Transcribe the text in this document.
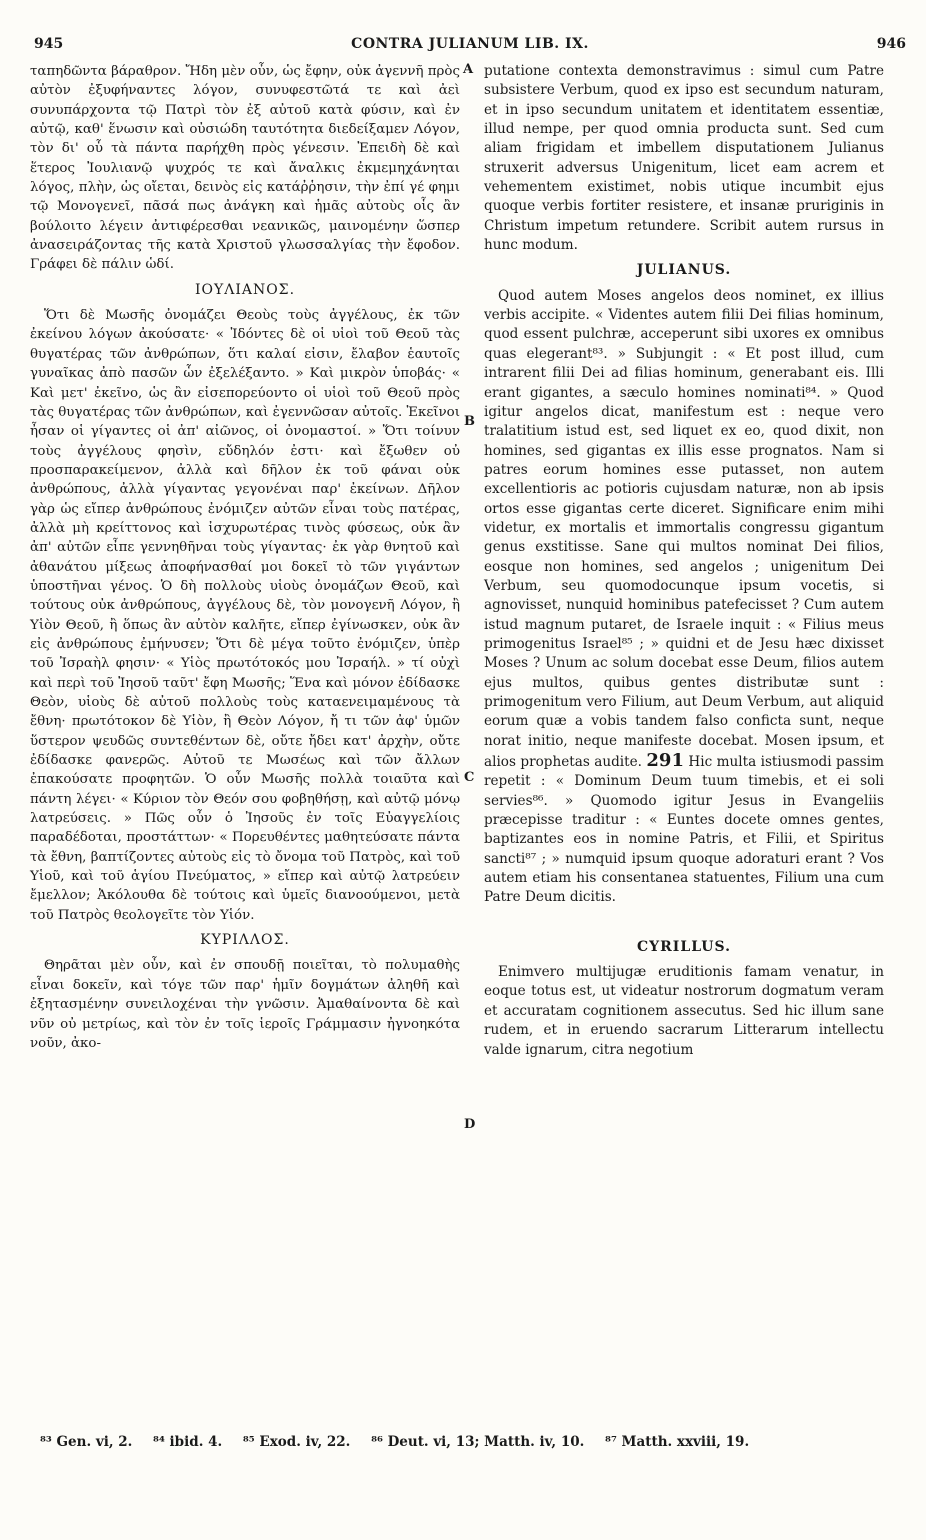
945	CONTRA JULIANUM LIB. IX.	946

ταπηδῶντα βάραθρον. Ἤδη μὲν οὖν, ὡς ἔφην, οὐκ ἀγεννῆ πρὸς αὐτὸν ἐξυφήναντες λόγον, συνυφεστῶτά τε καὶ ἀεὶ συνυπάρχοντα τῷ Πατρὶ τὸν ἐξ αὐτοῦ κατὰ φύσιν, καὶ ἐν αὐτῷ, καθ' ἕνωσιν καὶ οὐσιώδη ταυτότητα διεδείξαμεν Λόγον, τὸν δι' οὗ τὰ πάντα παρήχθη πρὸς γένεσιν. Ἐπειδὴ δὲ καὶ ἕτερος Ἰουλιανῷ ψυχρός τε καὶ ἄναλκις ἐκμεμηχάνηται λόγος, πλὴν, ὡς οἴεται, δεινὸς εἰς κατάῤῥησιν, τὴν ἐπί γέ φημι τῷ Μονογενεῖ, πᾶσά πως ἀνάγκη καὶ ἡμᾶς αὐτοὺς οἷς ἂν βούλοιτο λέγειν ἀντιφέρεσθαι νεανικῶς, μαινομένην ὥσπερ ἀνασειράζοντας τῆς κατὰ Χριστοῦ γλωσσαλγίας τὴν ἔφοδον. Γράφει δὲ πάλιν ὡδί.

ΙΟΥΛΙΑΝΟΣ.

Ὅτι δὲ Μωσῆς ὀνομάζει Θεοὺς τοὺς ἀγγέλους, ἐκ τῶν ἐκείνου λόγων ἀκούσατε· « Ἰδόντες δὲ οἱ υἱοὶ τοῦ Θεοῦ τὰς θυγατέρας τῶν ἀνθρώπων, ὅτι καλαί εἰσιν, ἔλαβον ἑαυτοῖς γυναῖκας ἀπὸ πασῶν ὧν ἐξελέξαντο. » Καὶ μικρὸν ὑποβάς· « Καὶ μετ' ἐκεῖνο, ὡς ἂν εἰσεπορεύοντο οἱ υἱοὶ τοῦ Θεοῦ πρὸς τὰς θυγατέρας τῶν ἀνθρώπων, καὶ ἐγεννῶσαν αὐτοῖς. Ἐκεῖνοι ἦσαν οἱ γίγαντες οἱ ἀπ' αἰῶνος, οἱ ὀνομαστοί. » Ὅτι τοίνυν τοὺς ἀγγέλους φησὶν, εὔδηλόν ἐστι· καὶ ἔξωθεν οὐ προσπαρακείμενον, ἀλλὰ καὶ δῆλον ἐκ τοῦ φάναι οὐκ ἀνθρώπους, ἀλλὰ γίγαντας γεγονέναι παρ' ἐκείνων. Δῆλον γὰρ ὡς εἴπερ ἀνθρώπους ἐνόμιζεν αὐτῶν εἶναι τοὺς πατέρας, ἀλλὰ μὴ κρείττονος καὶ ἰσχυρωτέρας τινὸς φύσεως, οὐκ ἂν ἀπ' αὐτῶν εἶπε γεννηθῆναι τοὺς γίγαντας· ἐκ γὰρ θνητοῦ καὶ ἀθανάτου μίξεως ἀποφήνασθαί μοι δοκεῖ τὸ τῶν γιγάντων ὑποστῆναι γένος. Ὁ δὴ πολλοὺς υἱοὺς ὀνομάζων Θεοῦ, καὶ τούτους οὐκ ἀνθρώπους, ἀγγέλους δὲ, τὸν μονογενῆ Λόγον, ἢ Υἱὸν Θεοῦ, ἢ ὅπως ἂν αὐτὸν καλῆτε, εἴπερ ἐγίνωσκεν, οὐκ ἂν εἰς ἀνθρώπους ἐμήνυσεν; Ὅτι δὲ μέγα τοῦτο ἐνόμιζεν, ὑπὲρ τοῦ Ἰσραὴλ φησιν· « Υἱὸς πρωτότοκός μου Ἰσραήλ. » τί οὐχὶ καὶ περὶ τοῦ Ἰησοῦ ταῦτ' ἔφη Μωσῆς; Ἕνα καὶ μόνον ἐδίδασκε Θεὸν, υἱοὺς δὲ αὐτοῦ πολλοὺς τοὺς καταενειμαμένους τὰ ἔθνη· πρωτότοκον δὲ Υἱὸν, ἢ Θεὸν Λόγον, ἤ τι τῶν ἀφ' ὑμῶν ὕστερον ψευδῶς συντεθέντων δὲ, οὔτε ἤδει κατ' ἀρχὴν, οὔτε ἐδίδασκε φανερῶς. Αὐτοῦ τε Μωσέως καὶ τῶν ἄλλων ἐπακούσατε προφητῶν. Ὁ οὖν Μωσῆς πολλὰ τοιαῦτα καὶ πάντη λέγει· « Κύριον τὸν Θεόν σου φοβηθήσῃ, καὶ αὐτῷ μόνῳ λατρεύσεις. » Πῶς οὖν ὁ Ἰησοῦς ἐν τοῖς Εὐαγγελίοις παραδέδοται, προστάττων· « Πορευθέντες μαθητεύσατε πάντα τὰ ἔθνη, βαπτίζοντες αὐτοὺς εἰς τὸ ὄνομα τοῦ Πατρὸς, καὶ τοῦ Υἱοῦ, καὶ τοῦ ἁγίου Πνεύματος, » εἴπερ καὶ αὐτῷ λατρεύειν ἔμελλον; Ἀκόλουθα δὲ τούτοις καὶ ὑμεῖς διανοούμενοι, μετὰ τοῦ Πατρὸς θεολογεῖτε τὸν Υἱόν.

ΚΥΡΙΛΛΟΣ.

Θηρᾶται μὲν οὖν, καὶ ἐν σπουδῇ ποιεῖται, τὸ πολυμαθὴς εἶναι δοκεῖν, καὶ τόγε τῶν παρ' ἡμῖν δογμάτων ἀληθῆ καὶ ἐξητασμένην συνειλοχέναι τὴν γνῶσιν. Ἀμαθαίνοντα δὲ καὶ νῦν οὐ μετρίως, καὶ τὸν ἐν τοῖς ἱεροῖς Γράμμασιν ἠγνοηκότα νοῦν, ἀκο-

A
B
C
D

putatione contexta demonstravimus : simul cum Patre subsistere Verbum, quod ex ipso est secundum naturam, et in ipso secundum unitatem et identitatem essentiæ, illud nempe, per quod omnia producta sunt. Sed cum aliam frigidam et imbellem disputationem Julianus struxerit adversus Unigenitum, licet eam acrem et vehementem existimet, nobis utique incumbit ejus quoque verbis fortiter resistere, et insanæ pruriginis in Christum impetum retundere. Scribit autem rursus in hunc modum.

JULIANUS.

Quod autem Moses angelos deos nominet, ex illius verbis accipite. « Videntes autem filii Dei filias hominum, quod essent pulchræ, acceperunt sibi uxores ex omnibus quas elegerant⁸³. » Subjungit : « Et post illud, cum intrarent filii Dei ad filias hominum, generabant eis. Illi erant gigantes, a sæculo homines nominati⁸⁴. » Quod igitur angelos dicat, manifestum est : neque vero tralatitium istud est, sed liquet ex eo, quod dixit, non homines, sed gigantas ex illis esse prognatos. Nam si patres eorum homines esse putasset, non autem excellentioris ac potioris cujusdam naturæ, non ab ipsis ortos esse gigantas certe diceret. Significare enim mihi videtur, ex mortalis et immortalis congressu gigantum genus exstitisse. Sane qui multos nominat Dei filios, eosque non homines, sed angelos ; unigenitum Dei Verbum, seu quomodocunque ipsum vocetis, si agnovisset, nunquid hominibus patefecisset ? Cum autem istud magnum putaret, de Israele inquit : « Filius meus primogenitus Israel⁸⁵ ; » quidni et de Jesu hæc dixisset Moses ? Unum ac solum docebat esse Deum, filios autem ejus multos, quibus gentes distributæ sunt : primogenitum vero Filium, aut Deum Verbum, aut aliquid eorum quæ a vobis tandem falso conficta sunt, neque norat initio, neque manifeste docebat. Mosen ipsum, et alios prophetas audite. 291 Hic multa istiusmodi passim repetit : « Dominum Deum tuum timebis, et ei soli servies⁸⁶. » Quomodo igitur Jesus in Evangeliis præcepisse traditur : « Euntes docete omnes gentes, baptizantes eos in nomine Patris, et Filii, et Spiritus sancti⁸⁷ ; » numquid ipsum quoque adoraturi erant ? Vos autem etiam his consentanea statuentes, Filium una cum Patre Deum dicitis.

CYRILLUS.

Enimvero multijugæ eruditionis famam venatur, in eoque totus est, ut videatur nostrorum dogmatum veram et accuratam cognitionem assecutus. Sed hic illum sane rudem, et in eruendo sacrarum Litterarum intellectu valde ignarum, citra negotium

⁸³ Gen. vi, 2. ⁸⁴ ibid. 4. ⁸⁵ Exod. iv, 22. ⁸⁶ Deut. vi, 13; Matth. iv, 10. ⁸⁷ Matth. xxviii, 19.
